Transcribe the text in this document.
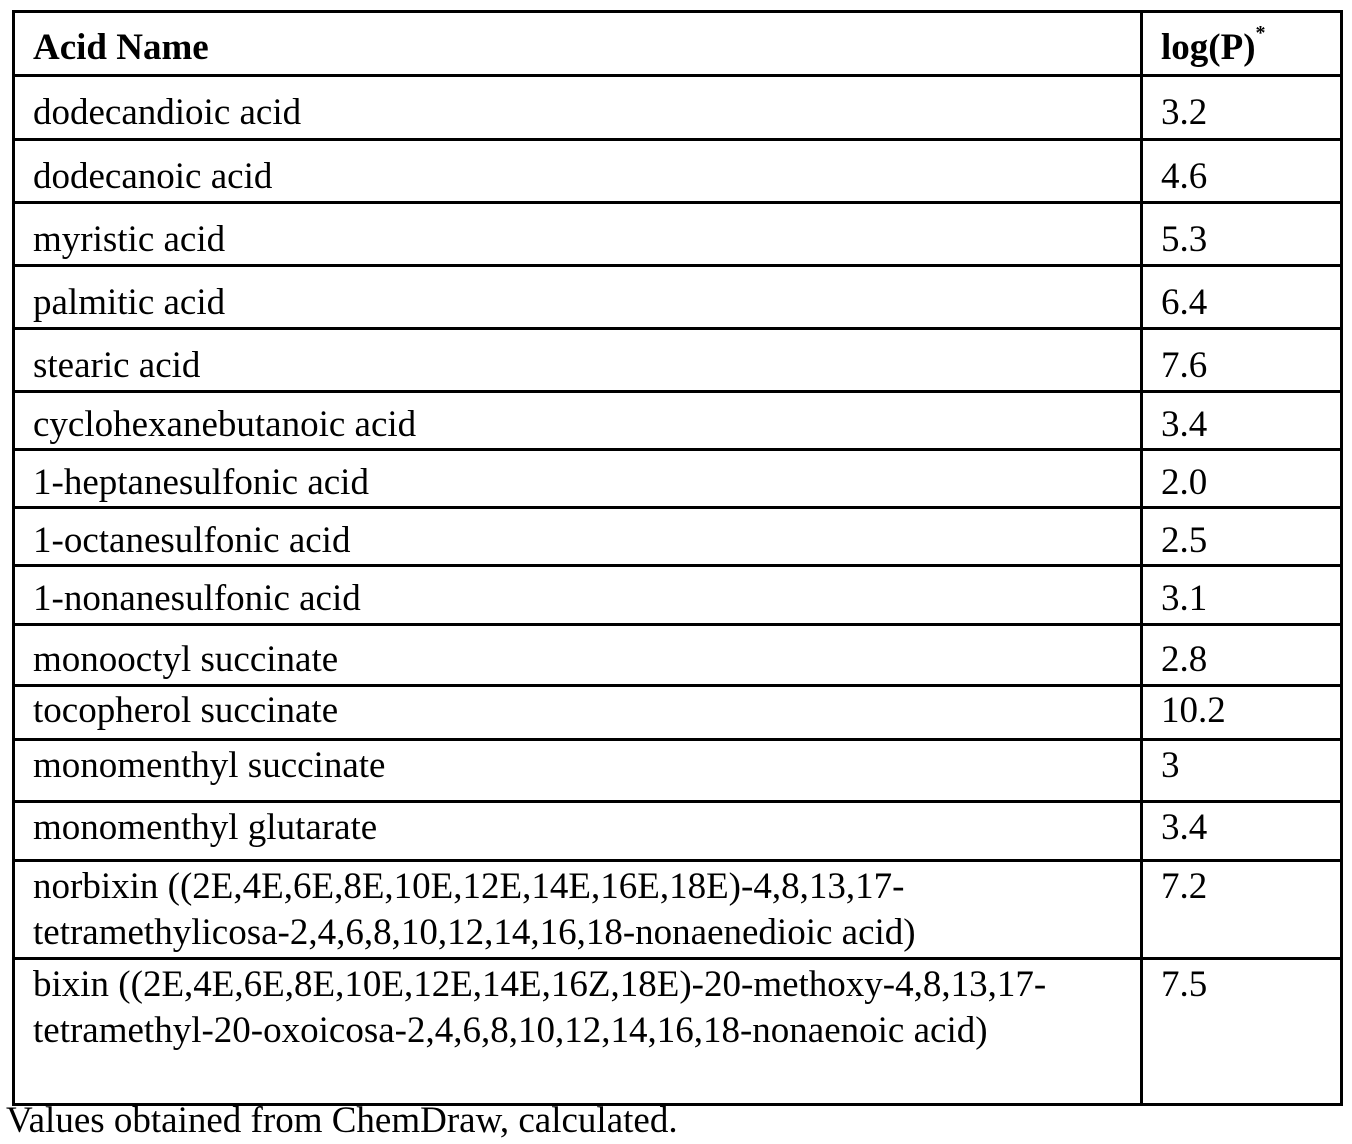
Acid Name	log(P)*
dodecandioic acid	3.2
dodecanoic acid	4.6
myristic acid	5.3
palmitic acid	6.4
stearic acid	7.6
cyclohexanebutanoic acid	3.4
1-heptanesulfonic acid	2.0
1-octanesulfonic acid	2.5
1-nonanesulfonic acid	3.1
monooctyl succinate	2.8
tocopherol succinate	10.2
monomenthyl succinate	3
monomenthyl glutarate	3.4
norbixin ((2E,4E,6E,8E,10E,12E,14E,16E,18E)-4,8,13,17-tetramethylicosa-2,4,6,8,10,12,14,16,18-nonaenedioic acid)	7.2
bixin ((2E,4E,6E,8E,10E,12E,14E,16Z,18E)-20-methoxy-4,8,13,17-tetramethyl-20-oxoicosa-2,4,6,8,10,12,14,16,18-nonaenoic acid)	7.5
Values obtained from ChemDraw, calculated.
